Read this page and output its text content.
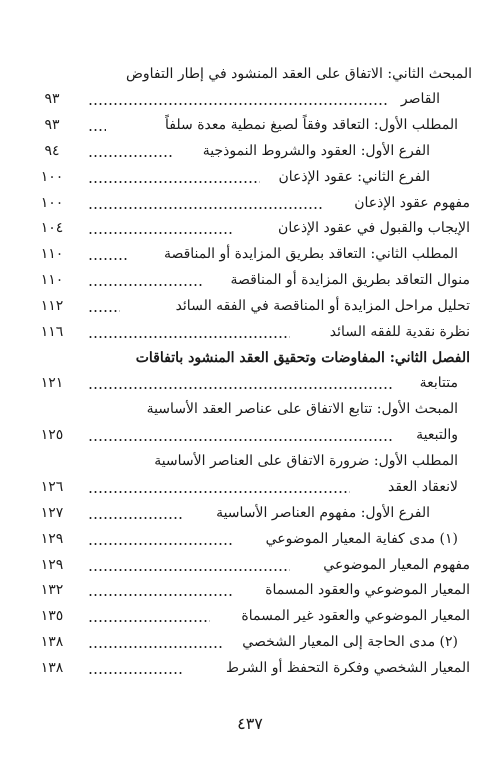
المبحث الثاني: الاتفاق على العقد المنشود في إطار التفاوض
القاصر
٩٣
المطلب الأول: التعاقد وفقاً لصيغ نمطية معدة سلفاً
٩٣
الفرع الأول: العقود والشروط النموذجية
٩٤
الفرع الثاني: عقود الإذعان
١٠٠
مفهوم عقود الإذعان
١٠٠
الإيجاب والقبول في عقود الإذعان
١٠٤
المطلب الثاني: التعاقد بطريق المزايدة أو المناقصة
١١٠
منوال التعاقد بطريق المزايدة أو المناقصة
١١٠
تحليل مراحل المزايدة أو المناقصة في الفقه السائد
١١٢
نظرة نقدية للفقه السائد
١١٦
الفصل الثاني: المفاوضات وتحقيق العقد المنشود باتفاقات
متتابعة
١٢١
المبحث الأول: تتابع الاتفاق على عناصر العقد الأساسية
والتبعية
١٢٥
المطلب الأول: ضرورة الاتفاق على العناصر الأساسية
لانعقاد العقد
١٢٦
الفرع الأول: مفهوم العناصر الأساسية
١٢٧
(١) مدى كفاية المعيار الموضوعي
١٢٩
مفهوم المعيار الموضوعي
١٢٩
المعيار الموضوعي والعقود المسماة
١٣٢
المعيار الموضوعي والعقود غير المسماة
١٣٥
(٢) مدى الحاجة إلى المعيار الشخصي
١٣٨
المعيار الشخصي وفكرة التحفظ أو الشرط
١٣٨
٤٣٧
